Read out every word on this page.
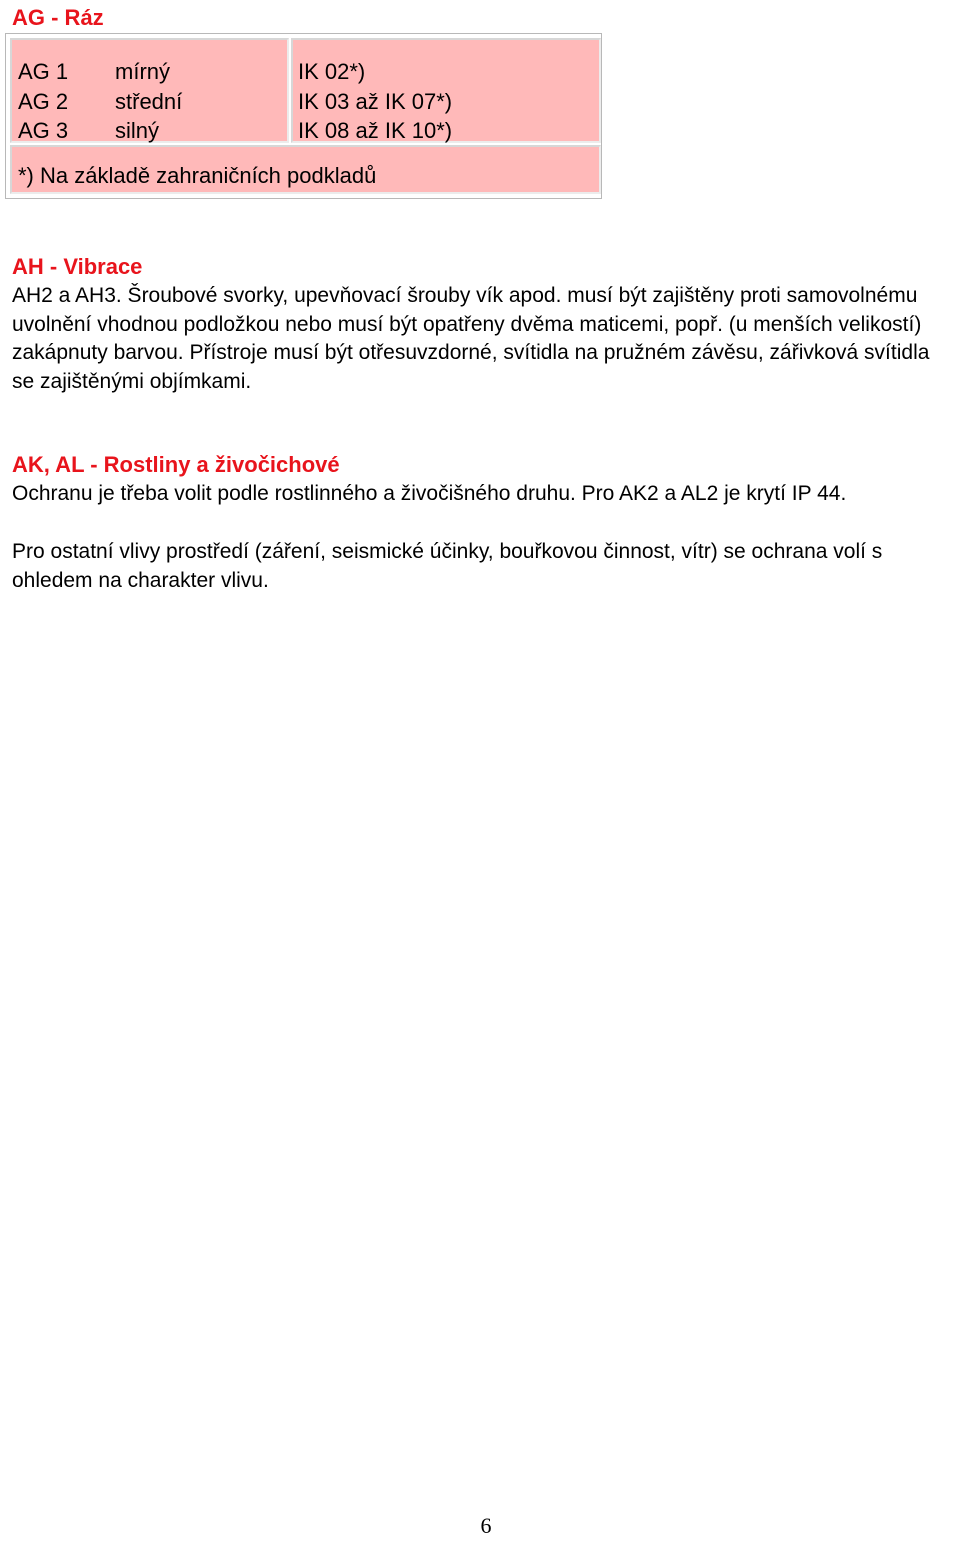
AG - Ráz
AG 1 mírný
AG 2 střední
AG 3 silný
IK 02*)
IK 03 až IK 07*)
IK 08 až IK 10*)
*) Na základě zahraničních podkladů
AH - Vibrace

AH2 a AH3. Šroubové svorky, upevňovací šrouby vík apod. musí být zajištěny proti samovolnému uvolnění vhodnou podložkou nebo musí být opatřeny dvěma maticemi, popř. (u menších velikostí) zakápnuty barvou. Přístroje musí být otřesuvzdorné, svítidla na pružném závěsu, zářivková svítidla se zajištěnými objímkami.

AK, AL - Rostliny a živočichové

Ochranu je třeba volit podle rostlinného a živočišného druhu. Pro AK2 a AL2 je krytí IP 44.

Pro ostatní vlivy prostředí (záření, seismické účinky, bouřkovou činnost, vítr) se ochrana volí s ohledem na charakter vlivu.

6
